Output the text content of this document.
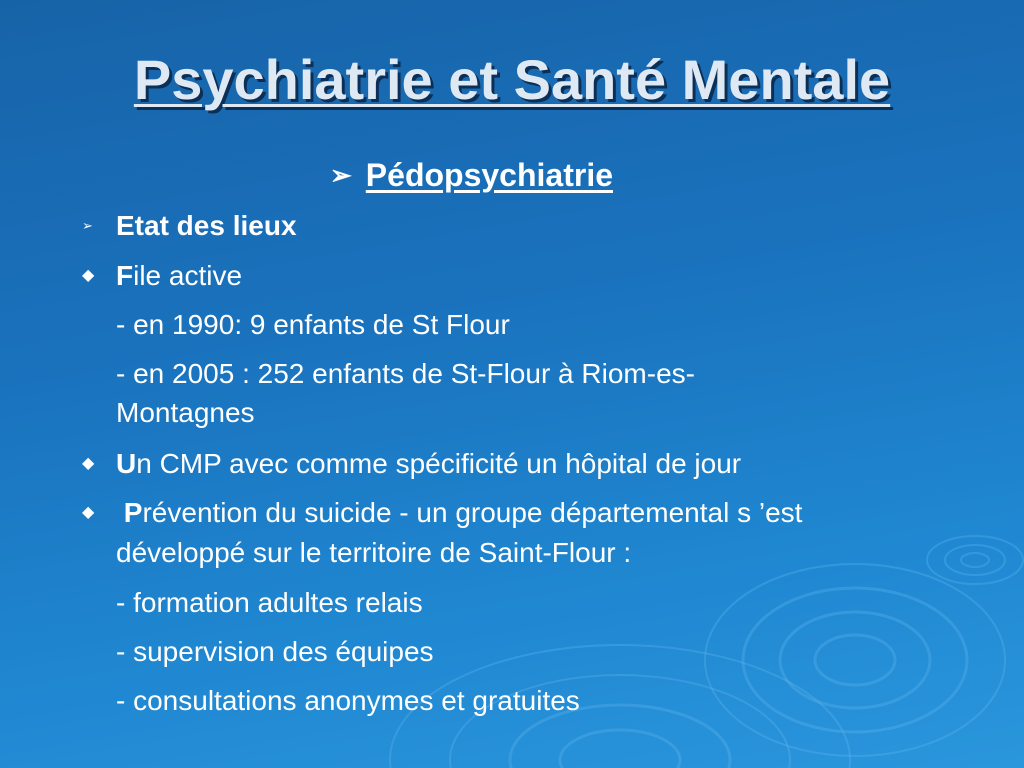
Psychiatrie et Santé Mentale
➢ Pédopsychiatrie
➢ Etat des lieux
◆ File active
- en 1990: 9 enfants de St Flour
- en 2005 : 252 enfants de St-Flour à Riom-es-
Montagnes
◆ Un CMP avec comme spécificité un hôpital de jour
◆ Prévention du suicide - un groupe départemental s ’est
développé sur le territoire de Saint-Flour :
- formation adultes relais
- supervision des équipes
- consultations anonymes et gratuites
